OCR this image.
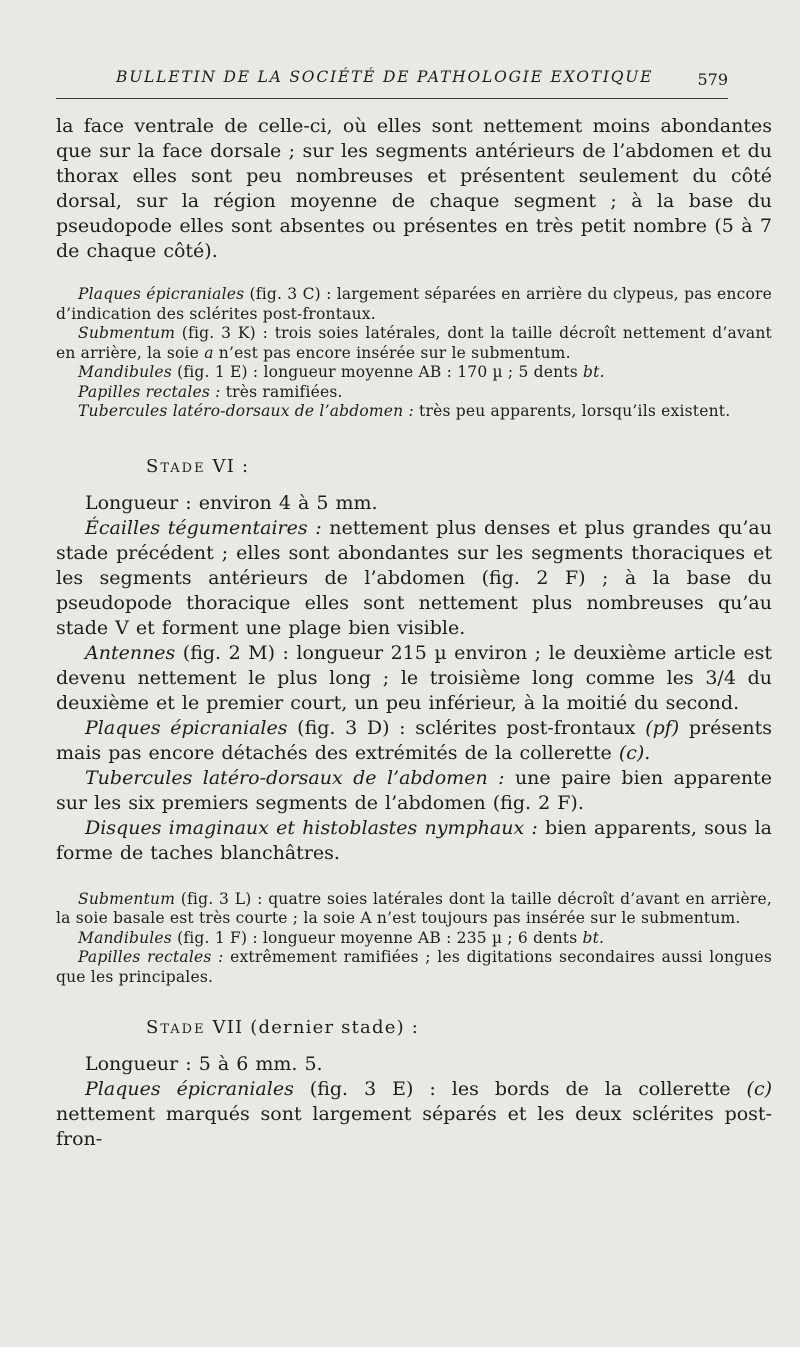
BULLETIN DE LA SOCIÉTÉ DE PATHOLOGIE EXOTIQUE	579

la face ventrale de celle-ci, où elles sont nettement moins abondantes que sur la face dorsale ; sur les segments antérieurs de l’abdomen et du thorax elles sont peu nombreuses et présentent seulement du côté dorsal, sur la région moyenne de chaque segment ; à la base du pseudopode elles sont absentes ou présentes en très petit nombre (5 à 7 de chaque côté).

Plaques épicraniales (fig. 3 C) : largement séparées en arrière du clypeus, pas encore d’indication des sclérites post-frontaux.

Submentum (fig. 3 K) : trois soies latérales, dont la taille décroît nettement d’avant en arrière, la soie a n’est pas encore insérée sur le submentum.

Mandibules (fig. 1 E) : longueur moyenne AB : 170 µ ; 5 dents bt.

Papilles rectales : très ramifiées.

Tubercules latéro-dorsaux de l’abdomen : très peu apparents, lorsqu’ils existent.

Stade VI :

Longueur : environ 4 à 5 mm.

Écailles tégumentaires : nettement plus denses et plus grandes qu’au stade précédent ; elles sont abondantes sur les segments thoraciques et les segments antérieurs de l’abdomen (fig. 2 F) ; à la base du pseudopode thoracique elles sont nettement plus nombreuses qu’au stade V et forment une plage bien visible.

Antennes (fig. 2 M) : longueur 215 µ environ ; le deuxième article est devenu nettement le plus long ; le troisième long comme les 3/4 du deuxième et le premier court, un peu inférieur, à la moitié du second.

Plaques épicraniales (fig. 3 D) : sclérites post-frontaux (pf) présents mais pas encore détachés des extrémités de la collerette (c).

Tubercules latéro-dorsaux de l’abdomen : une paire bien apparente sur les six premiers segments de l’abdomen (fig. 2 F).

Disques imaginaux et histoblastes nymphaux : bien apparents, sous la forme de taches blanchâtres.

Submentum (fig. 3 L) : quatre soies latérales dont la taille décroît d’avant en arrière, la soie basale est très courte ; la soie A n’est toujours pas insérée sur le submentum.

Mandibules (fig. 1 F) : longueur moyenne AB : 235 µ ; 6 dents bt.

Papilles rectales : extrêmement ramifiées ; les digitations secondaires aussi longues que les principales.

Stade VII (dernier stade) :

Longueur : 5 à 6 mm. 5.

Plaques épicraniales (fig. 3 E) : les bords de la collerette (c) nettement marqués sont largement séparés et les deux sclérites post-fron-
